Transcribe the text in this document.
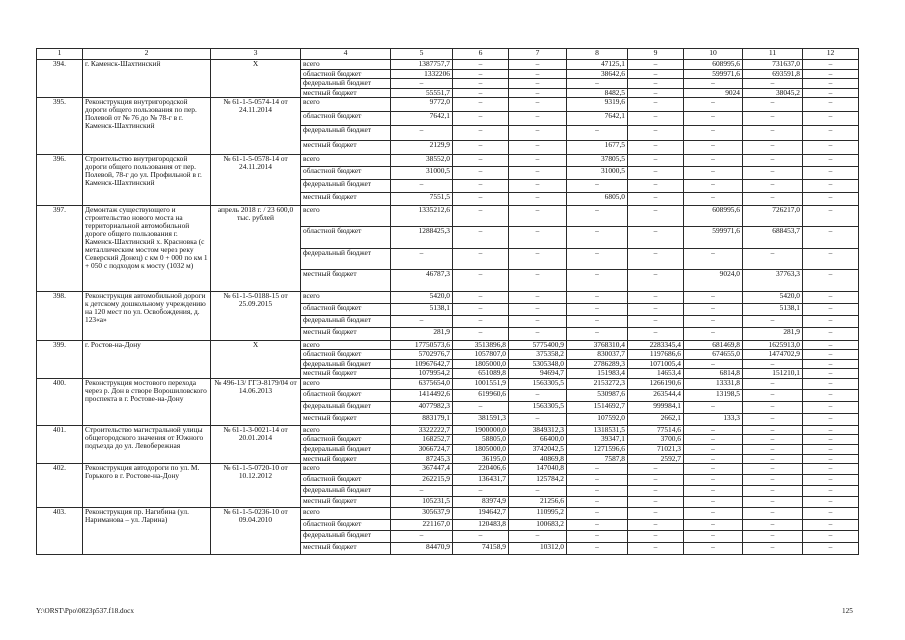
1	2	3	4	5	6	7	8	9	10	11	12
394.	г. Каменск-Шахтинский	X	всего	1387757,7	–	–	47125,1	–	608995,6	731637,0	–
			областной бюджет	1332206	–	–	38642,6	–	599971,6	693591,8	–
			федеральный бюджет	–	–	–	–	–	–	–	–
			местный бюджет	55551,7	–	–	8482,5	–	9024	38045,2	–
395.	Реконструкция внутригородской дороги общего пользования по пер. Полевой от № 76 до № 78-г в г. Каменск-Шахтинский	№ 61-1-5-0574-14 от 24.11.2014	всего	9772,0	–	–	9319,6	–	–	–	–
			областной бюджет	7642,1	–	–	7642,1	–	–	–	–
			федеральный бюджет	–	–	–	–	–	–	–	–
			местный бюджет	2129,9	–	–	1677,5	–	–	–	–
396.	Строительство внутригородской дороги общего пользования от пер. Полевой, 78-г до ул. Профильной в г. Каменск-Шахтинский	№ 61-1-5-0578-14 от 24.11.2014	всего	38552,0	–	–	37805,5	–	–	–	–
			областной бюджет	31000,5	–	–	31000,5	–	–	–	–
			федеральный бюджет	–	–	–	–	–	–	–	–
			местный бюджет	7551,5	–	–	6805,0	–	–	–	–
397.	Демонтаж существующего и строительство нового моста на территориальной автомобильной дороге общего пользования г. Каменск-Шахтинский х. Красновка (с металлическим мостом через реку Северский Донец) с км 0 + 000 по км 1 + 050 с подходом к мосту (1032 м)	апрель 2018 г. / 23 600,0 тыс. рублей	всего	1335212,6	–	–	–	–	608995,6	726217,0	–
			областной бюджет	1288425,3	–	–	–	–	599971,6	688453,7	–
			федеральный бюджет	–	–	–	–	–	–	–	–
			местный бюджет	46787,3	–	–	–	–	9024,0	37763,3	–
398.	Реконструкция автомобильной дороги к детскому дошкольному учреждению на 120 мест по ул. Освобождения, д. 123«а»	№ 61-1-5-0188-15 от 25.09.2015	всего	5420,0	–	–	–	–	–	5420,0	–
			областной бюджет	5138,1	–	–	–	–	–	5138,1	–
			федеральный бюджет	–	–	–	–	–	–	–	–
			местный бюджет	281,9	–	–	–	–	–	281,9	–
399.	г. Ростов-на-Дону	X	всего	17750573,6	3513896,8	5775400,9	3768310,4	2283345,4	681469,8	1625913,0	–
			областной бюджет	5702976,7	1057807,0	375358,2	830037,7	1197686,6	674655,0	1474702,9	–
			федеральный бюджет	10967642,7	1805000,0	5305348,0	2786289,3	1071005,4	–	–	–
			местный бюджет	1079954,2	651089,8	94694,7	151983,4	14653,4	6814,8	151210,1	–
400.	Реконструкция мостового перехода через р. Дон в створе Ворошиловского проспекта в г. Ростове-на-Дону	№ 496-13/ ГГЭ-8179/04 от 14.06.2013	всего	6375654,0	1001551,9	1563305,5	2153272,3	1266190,6	13331,8	–	–
			областной бюджет	1414492,6	619960,6	–	530987,6	263544,4	13198,5	–	–
			федеральный бюджет	4077982,3	–	1563305,5	1514692,7	999984,1	–	–	–
			местный бюджет	883179,1	381591,3	–	107592,0	2662,1	133,3	–	–
401.	Строительство магистральной улицы общегородского значения от Южного подъезда до ул. Левобережная	№ 61-1-3-0021-14 от 20.01.2014	всего	3322222,7	1900000,0	3849312,3	1318531,5	77514,6	–	–	–
			областной бюджет	168252,7	58805,0	66400,0	39347,1	3700,6	–	–	–
			федеральный бюджет	3066724,7	1805000,0	3742042,5	1271596,6	71021,3	–	–	–
			местный бюджет	87245,3	36195,0	40869,8	7587,8	2592,7	–	–	–
402.	Реконструкция автодороги по ул. М. Горького в г. Ростове-на-Дону	№ 61-1-5-0720-10 от 10.12.2012	всего	367447,4	220406,6	147040,8	–	–	–	–	–
			областной бюджет	262215,9	136431,7	125784,2	–	–	–	–	–
			федеральный бюджет	–	–	–	–	–	–	–	–
			местный бюджет	105231,5	83974,9	21256,6	–	–	–	–	–
403.	Реконструкция пр. Нагибина (ул. Нариманова – ул. Ларина)	№ 61-1-5-0236-10 от 09.04.2010	всего	305637,9	194642,7	110995,2	–	–	–	–	–
			областной бюджет	221167,0	120483,8	100683,2	–	–	–	–	–
			федеральный бюджет	–	–	–	–	–	–	–	–
			местный бюджет	84470,9	74158,9	10312,0	–	–	–	–	–
Y:\ORST\Ppo\0823p537.f18.docx	125
